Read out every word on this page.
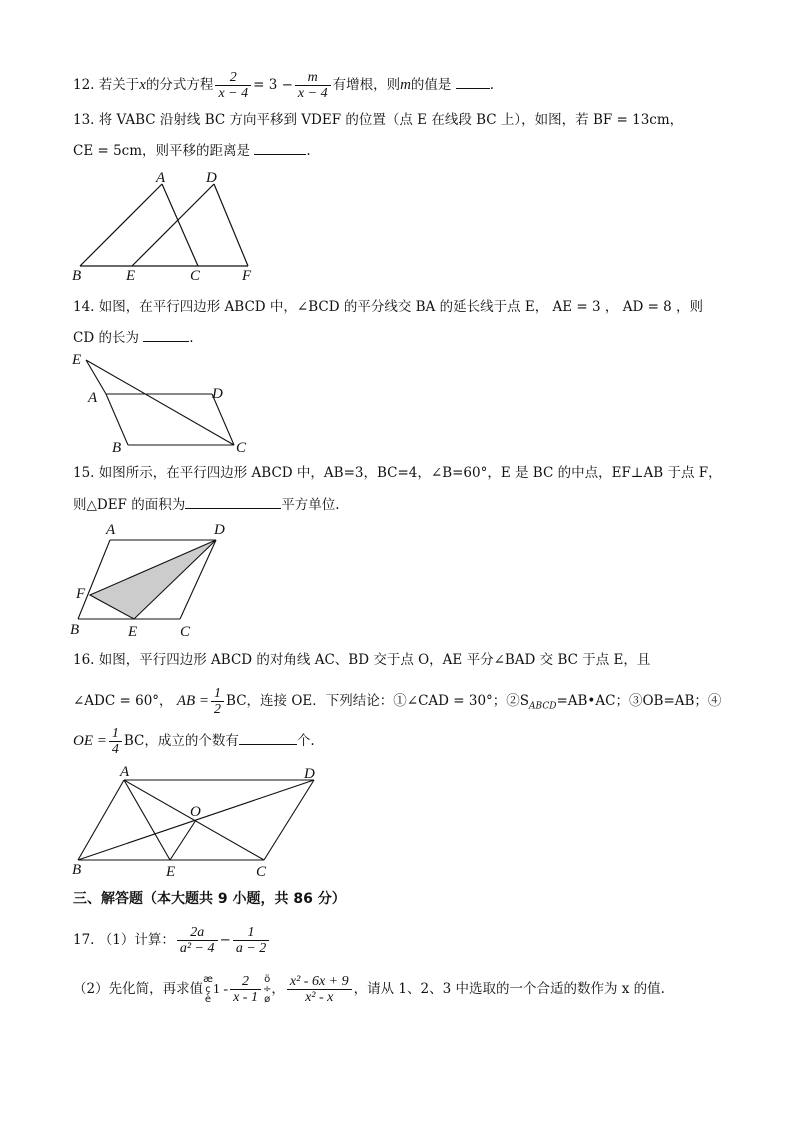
12. 若关于x的分式方程 $\frac{2}{x - 4} = 3 - \frac{m}{x - 4}$ 有增根，则m的值是	.
13. 将 VABC 沿射线 BC 方向平移到 VDEF 的位置（点 E 在线段 BC 上），如图，若 BF = 13cm，
CE = 5cm，则平移的距离是	.
A	D
B	E	C	F
14. 如图，在平行四边形 ABCD 中，∠BCD 的平分线交 BA 的延长线于点 E， AE = 3 ， AD = 8 ，则
CD 的长为	.
E
A	D
B	C
15. 如图所示，在平行四边形 ABCD 中，AB=3，BC=4，∠B=60°，E 是 BC 的中点，EF⊥AB 于点 F，
则△DEF 的面积为	平方单位.
A	D
F
B	E	C
16. 如图，平行四边形 ABCD 的对角线 AC、BD 交于点 O，AE 平分∠BAD 交 BC 于点 E，且
∠ADC = 60°， AB = $\frac{1}{2}$ BC，连接 OE．下列结论：①∠CAD = 30°；$②S_{ABCD}=AB•AC$；③OB=AB；④
OE = $\frac{1}{4}$ BC，成立的个数有	个.
A	D
O
B	E	C
三、解答题（本大题共 9 小题，共 86 分）
17. （1）计算： $\frac{2a}{\text{a² − 4}} - \frac{1}{a - 2}$
（2）先化简，再求值
æ
ç
è
$1 - \frac{2}{x - 1}$ ö
÷
ø
， $\frac{\text{x² - 6x + 9}}{\text{x² - x}}$ ，请从 1、2、3 中选取的一个合适的数作为 x 的值.
